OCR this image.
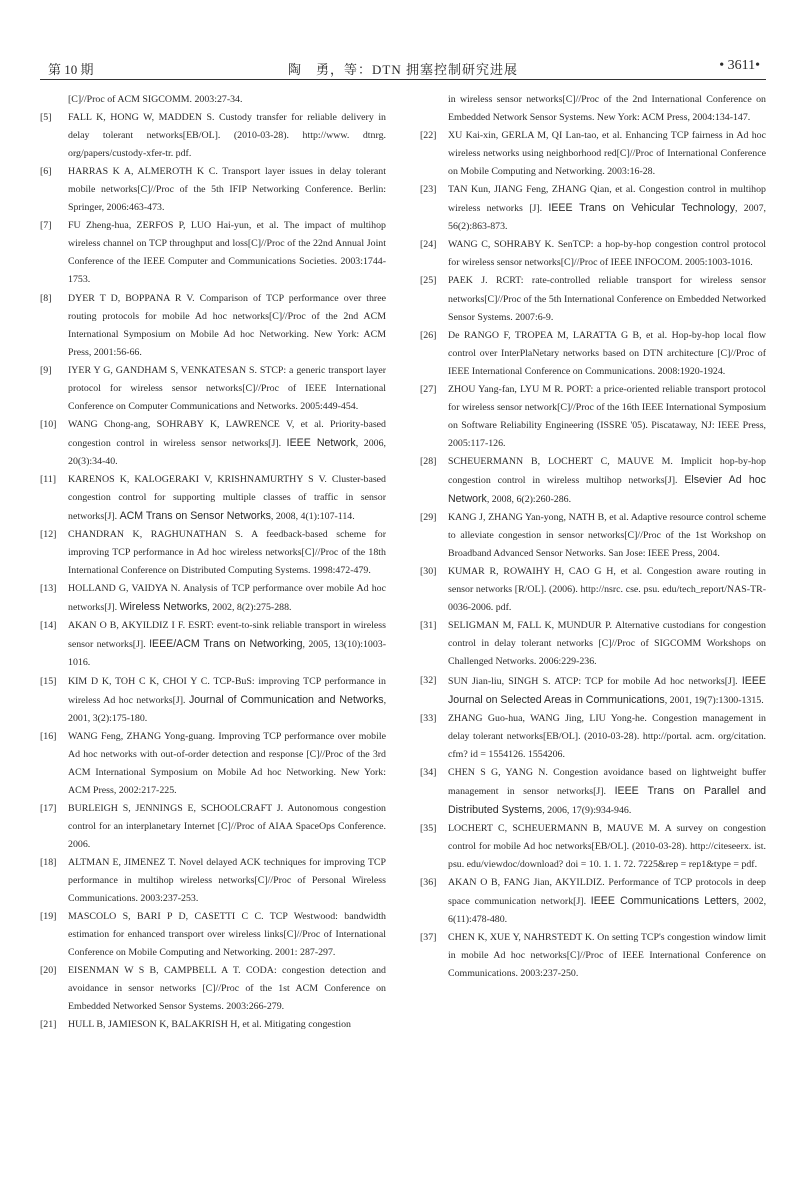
第 10 期	陶　勇，等：DTN 拥塞控制研究进展	• 3611•
[C]//Proc of ACM SIGCOMM. 2003:27-34.
[5] FALL K, HONG W, MADDEN S. Custody transfer for reliable delivery in delay tolerant networks[EB/OL]. (2010-03-28). http://www. dtnrg. org/papers/custody-xfer-tr. pdf.
[6] HARRAS K A, ALMEROTH K C. Transport layer issues in delay tolerant mobile networks[C]//Proc of the 5th IFIP Networking Conference. Berlin: Springer, 2006:463-473.
[7] FU Zheng-hua, ZERFOS P, LUO Hai-yun, et al. The impact of multihop wireless channel on TCP throughput and loss[C]//Proc of the 22nd Annual Joint Conference of the IEEE Computer and Communications Societies. 2003:1744-1753.
[8] DYER T D, BOPPANA R V. Comparison of TCP performance over three routing protocols for mobile Ad hoc networks[C]//Proc of the 2nd ACM International Symposium on Mobile Ad hoc Networking. New York: ACM Press, 2001:56-66.
[9] IYER Y G, GANDHAM S, VENKATESAN S. STCP: a generic transport layer protocol for wireless sensor networks[C]//Proc of IEEE International Conference on Computer Communications and Networks. 2005:449-454.
[10] WANG Chong-ang, SOHRABY K, LAWRENCE V, et al. Priority-based congestion control in wireless sensor networks[J]. IEEE Network, 2006, 20(3):34-40.
[11] KARENOS K, KALOGERAKI V, KRISHNAMURTHY S V. Cluster-based congestion control for supporting multiple classes of traffic in sensor networks[J]. ACM Trans on Sensor Networks, 2008, 4(1):107-114.
[12] CHANDRAN K, RAGHUNATHAN S. A feedback-based scheme for improving TCP performance in Ad hoc wireless networks[C]//Proc of the 18th International Conference on Distributed Computing Systems. 1998:472-479.
[13] HOLLAND G, VAIDYA N. Analysis of TCP performance over mobile Ad hoc networks[J]. Wireless Networks, 2002, 8(2):275-288.
[14] AKAN O B, AKYILDIZ I F. ESRT: event-to-sink reliable transport in wireless sensor networks[J]. IEEE/ACM Trans on Networking, 2005, 13(10):1003-1016.
[15] KIM D K, TOH C K, CHOI Y C. TCP-BuS: improving TCP performance in wireless Ad hoc networks[J]. Journal of Communication and Networks, 2001, 3(2):175-180.
[16] WANG Feng, ZHANG Yong-guang. Improving TCP performance over mobile Ad hoc networks with out-of-order detection and response [C]//Proc of the 3rd ACM International Symposium on Mobile Ad hoc Networking. New York: ACM Press, 2002:217-225.
[17] BURLEIGH S, JENNINGS E, SCHOOLCRAFT J. Autonomous congestion control for an interplanetary Internet [C]//Proc of AIAA SpaceOps Conference. 2006.
[18] ALTMAN E, JIMENEZ T. Novel delayed ACK techniques for improving TCP performance in multihop wireless networks[C]//Proc of Personal Wireless Communications. 2003:237-253.
[19] MASCOLO S, BARI P D, CASETTI C C. TCP Westwood: bandwidth estimation for enhanced transport over wireless links[C]//Proc of International Conference on Mobile Computing and Networking. 2001: 287-297.
[20] EISENMAN W S B, CAMPBELL A T. CODA: congestion detection and avoidance in sensor networks [C]//Proc of the 1st ACM Conference on Embedded Networked Sensor Systems. 2003:266-279.
[21] HULL B, JAMIESON K, BALAKRISH H, et al. Mitigating congestion
in wireless sensor networks[C]//Proc of the 2nd International Conference on Embedded Network Sensor Systems. New York: ACM Press, 2004:134-147.
[22] XU Kai-xin, GERLA M, QI Lan-tao, et al. Enhancing TCP fairness in Ad hoc wireless networks using neighborhood red[C]//Proc of International Conference on Mobile Computing and Networking. 2003:16-28.
[23] TAN Kun, JIANG Feng, ZHANG Qian, et al. Congestion control in multihop wireless networks [J]. IEEE Trans on Vehicular Technology, 2007, 56(2):863-873.
[24] WANG C, SOHRABY K. SenTCP: a hop-by-hop congestion control protocol for wireless sensor networks[C]//Proc of IEEE INFOCOM. 2005:1003-1016.
[25] PAEK J. RCRT: rate-controlled reliable transport for wireless sensor networks[C]//Proc of the 5th International Conference on Embedded Networked Sensor Systems. 2007:6-9.
[26] De RANGO F, TROPEA M, LARATTA G B, et al. Hop-by-hop local flow control over InterPlaNetary networks based on DTN architecture [C]//Proc of IEEE International Conference on Communications. 2008:1920-1924.
[27] ZHOU Yang-fan, LYU M R. PORT: a price-oriented reliable transport protocol for wireless sensor network[C]//Proc of the 16th IEEE International Symposium on Software Reliability Engineering (ISSRE '05). Piscataway, NJ: IEEE Press, 2005:117-126.
[28] SCHEUERMANN B, LOCHERT C, MAUVE M. Implicit hop-by-hop congestion control in wireless multihop networks[J]. Elsevier Ad hoc Network, 2008, 6(2):260-286.
[29] KANG J, ZHANG Yan-yong, NATH B, et al. Adaptive resource control scheme to alleviate congestion in sensor networks[C]//Proc of the 1st Workshop on Broadband Advanced Sensor Networks. San Jose: IEEE Press, 2004.
[30] KUMAR R, ROWAIHY H, CAO G H, et al. Congestion aware routing in sensor networks [R/OL]. (2006). http://nsrc. cse. psu. edu/tech_report/NAS-TR-0036-2006. pdf.
[31] SELIGMAN M, FALL K, MUNDUR P. Alternative custodians for congestion control in delay tolerant networks [C]//Proc of SIGCOMM Workshops on Challenged Networks. 2006:229-236.
[32] SUN Jian-liu, SINGH S. ATCP: TCP for mobile Ad hoc networks[J]. IEEE Journal on Selected Areas in Communications, 2001, 19(7):1300-1315.
[33] ZHANG Guo-hua, WANG Jing, LIU Yong-he. Congestion management in delay tolerant networks[EB/OL]. (2010-03-28). http://portal. acm. org/citation. cfm? id = 1554126. 1554206.
[34] CHEN S G, YANG N. Congestion avoidance based on lightweight buffer management in sensor networks[J]. IEEE Trans on Parallel and Distributed Systems, 2006, 17(9):934-946.
[35] LOCHERT C, SCHEUERMANN B, MAUVE M. A survey on congestion control for mobile Ad hoc networks[EB/OL]. (2010-03-28). http://citeseerx. ist. psu. edu/viewdoc/download? doi = 10. 1. 1. 72. 7225&rep = rep1&type = pdf.
[36] AKAN O B, FANG Jian, AKYILDIZ. Performance of TCP protocols in deep space communication network[J]. IEEE Communications Letters, 2002, 6(11):478-480.
[37] CHEN K, XUE Y, NAHRSTEDT K. On setting TCP's congestion window limit in mobile Ad hoc networks[C]//Proc of IEEE International Conference on Communications. 2003:237-250.
